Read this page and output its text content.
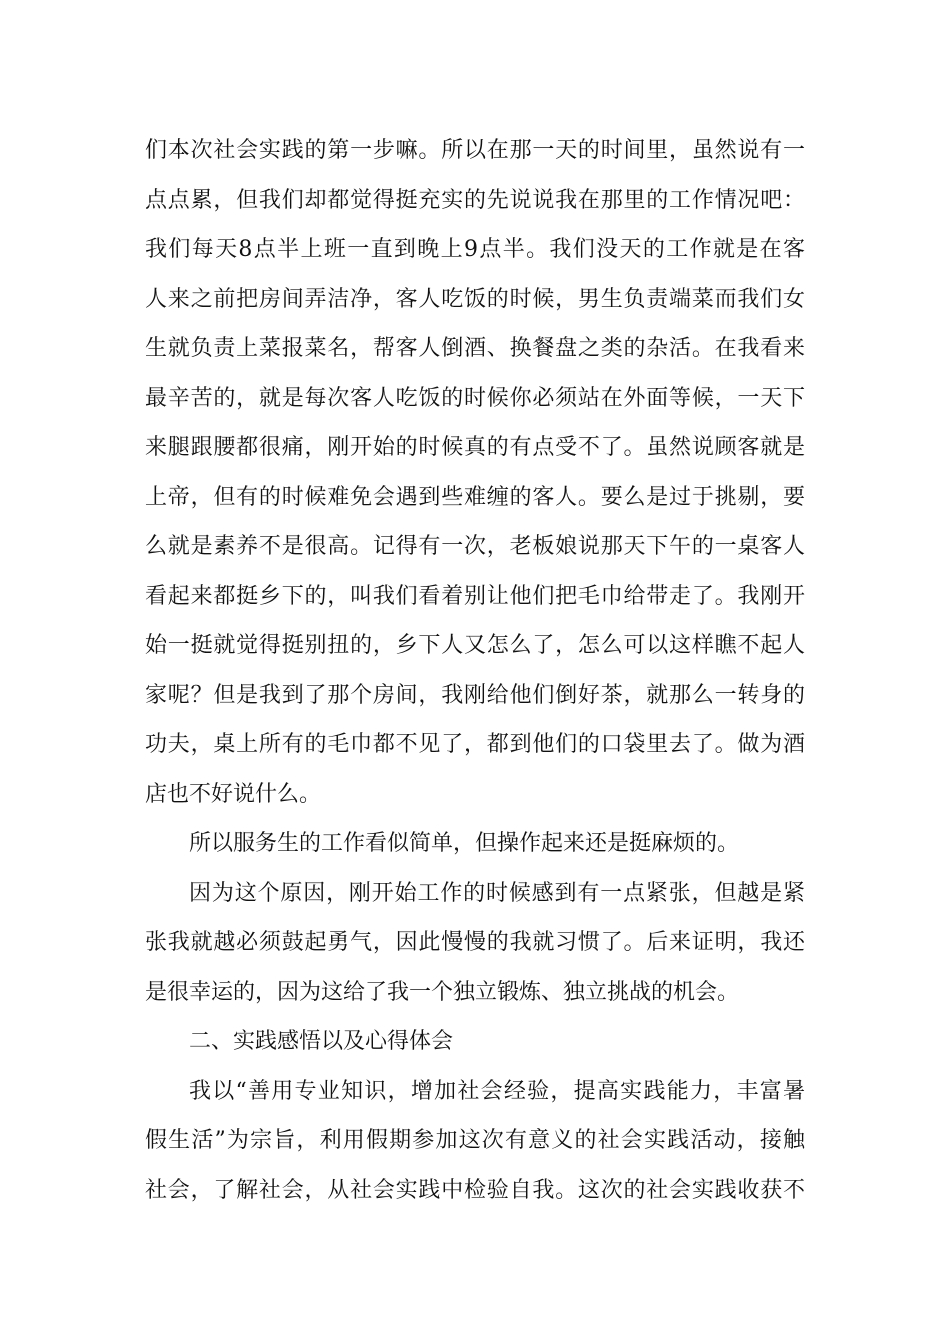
们本次社会实践的第一步嘛。所以在那一天的时间里，虽然说有一
点点累，但我们却都觉得挺充实的先说说我在那里的工作情况吧：
我们每天8点半上班一直到晚上9点半。我们没天的工作就是在客
人来之前把房间弄洁净，客人吃饭的时候，男生负责端菜而我们女
生就负责上菜报菜名，帮客人倒酒、换餐盘之类的杂活。在我看来
最辛苦的，就是每次客人吃饭的时候你必须站在外面等候，一天下
来腿跟腰都很痛，刚开始的时候真的有点受不了。虽然说顾客就是
上帝，但有的时候难免会遇到些难缠的客人。要么是过于挑剔，要
么就是素养不是很高。记得有一次，老板娘说那天下午的一桌客人
看起来都挺乡下的，叫我们看着别让他们把毛巾给带走了。我刚开
始一挺就觉得挺别扭的，乡下人又怎么了，怎么可以这样瞧不起人
家呢？但是我到了那个房间，我刚给他们倒好茶，就那么一转身的
功夫，桌上所有的毛巾都不见了，都到他们的口袋里去了。做为酒
店也不好说什么。
所以服务生的工作看似简单，但操作起来还是挺麻烦的。
因为这个原因，刚开始工作的时候感到有一点紧张，但越是紧
张我就越必须鼓起勇气，因此慢慢的我就习惯了。后来证明，我还
是很幸运的，因为这给了我一个独立锻炼、独立挑战的机会。
二、实践感悟以及心得体会
我以“善用专业知识，增加社会经验，提高实践能力，丰富暑
假生活”为宗旨，利用假期参加这次有意义的社会实践活动，接触
社会，了解社会，从社会实践中检验自我。这次的社会实践收获不
